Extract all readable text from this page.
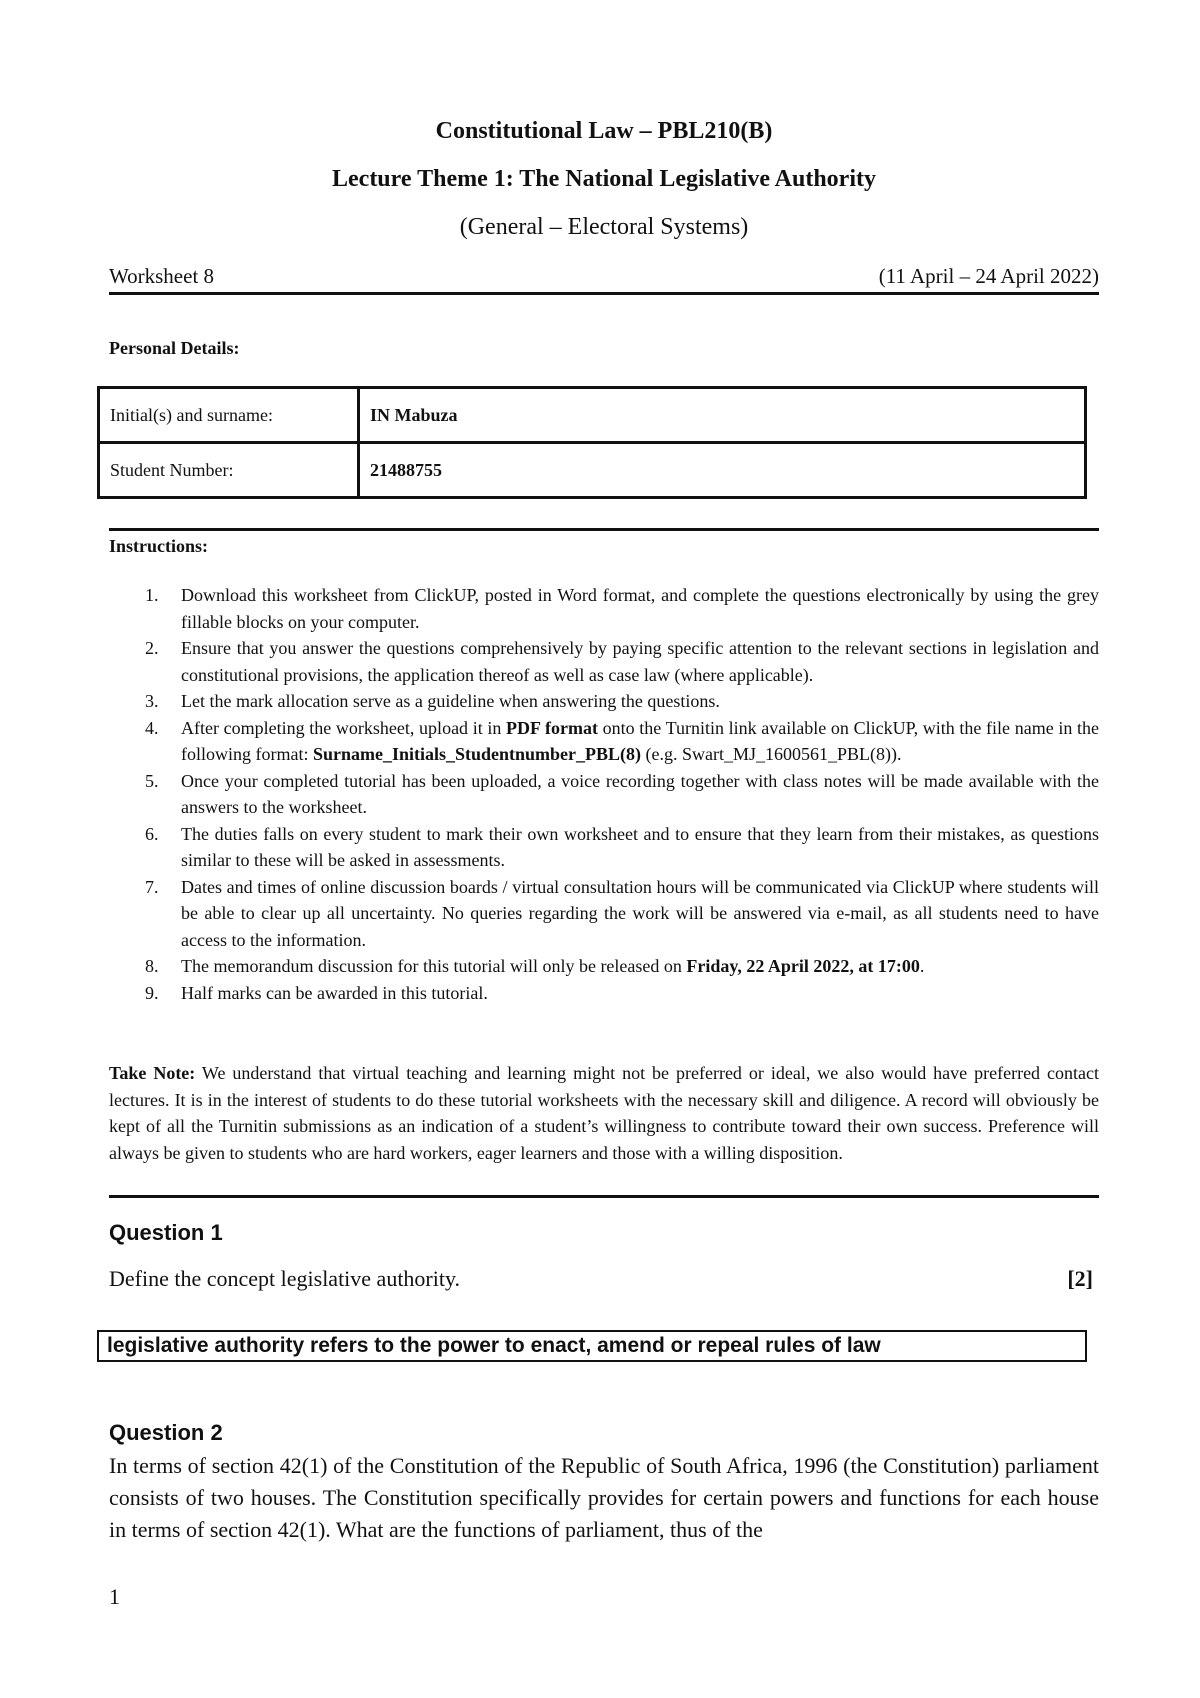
Constitutional Law – PBL210(B)
Lecture Theme 1: The National Legislative Authority
(General – Electoral Systems)
Worksheet 8	(11 April – 24 April 2022)
Personal Details:
Initial(s) and surname:	IN Mabuza
Student Number:	21488755
Instructions:
1. Download this worksheet from ClickUP, posted in Word format, and complete the questions electronically by using the grey fillable blocks on your computer.
2. Ensure that you answer the questions comprehensively by paying specific attention to the relevant sections in legislation and constitutional provisions, the application thereof as well as case law (where applicable).
3. Let the mark allocation serve as a guideline when answering the questions.
4. After completing the worksheet, upload it in PDF format onto the Turnitin link available on ClickUP, with the file name in the following format: Surname_Initials_Studentnumber_PBL(8) (e.g. Swart_MJ_1600561_PBL(8)).
5. Once your completed tutorial has been uploaded, a voice recording together with class notes will be made available with the answers to the worksheet.
6. The duties falls on every student to mark their own worksheet and to ensure that they learn from their mistakes, as questions similar to these will be asked in assessments.
7. Dates and times of online discussion boards / virtual consultation hours will be communicated via ClickUP where students will be able to clear up all uncertainty. No queries regarding the work will be answered via e-mail, as all students need to have access to the information.
8. The memorandum discussion for this tutorial will only be released on Friday, 22 April 2022, at 17:00.
9. Half marks can be awarded in this tutorial.
Take Note: We understand that virtual teaching and learning might not be preferred or ideal, we also would have preferred contact lectures. It is in the interest of students to do these tutorial worksheets with the necessary skill and diligence. A record will obviously be kept of all the Turnitin submissions as an indication of a student’s willingness to contribute toward their own success. Preference will always be given to students who are hard workers, eager learners and those with a willing disposition.
Question 1
Define the concept legislative authority.	[2]
legislative authority refers to the power to enact, amend or repeal rules of law
Question 2
In terms of section 42(1) of the Constitution of the Republic of South Africa, 1996 (the Constitution) parliament consists of two houses. The Constitution specifically provides for certain powers and functions for each house in terms of section 42(1). What are the functions of parliament, thus of the
1
